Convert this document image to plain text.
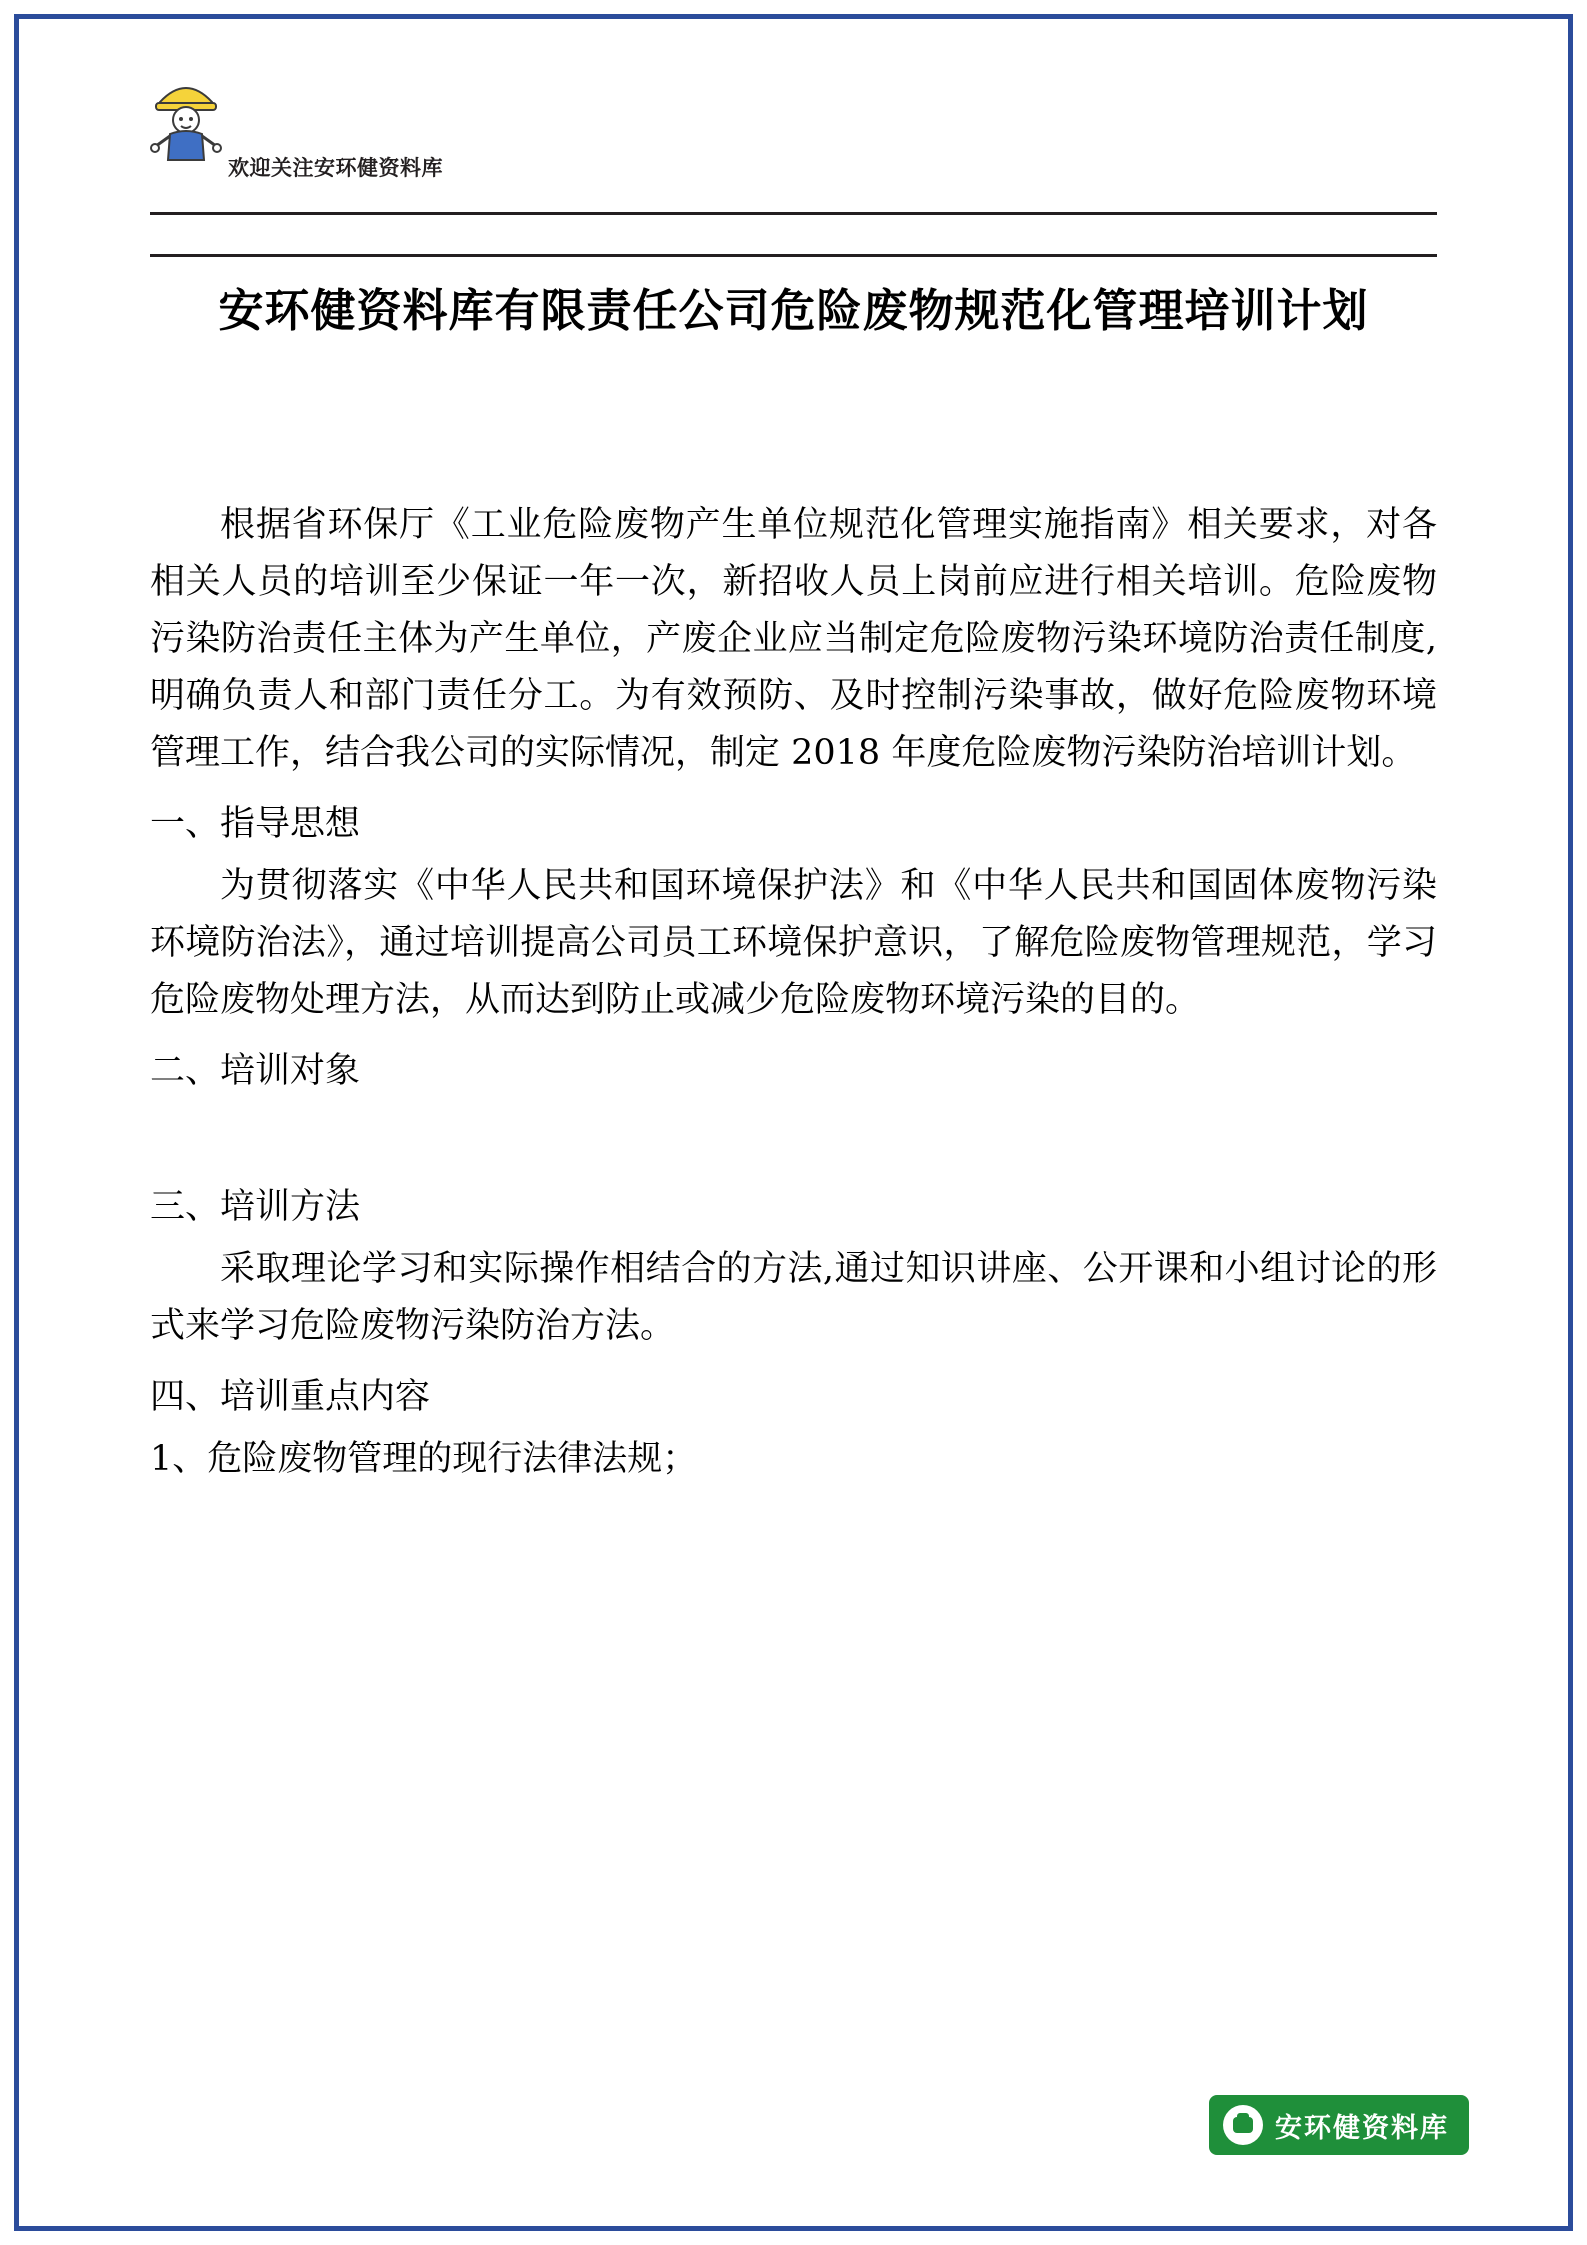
欢迎关注安环健资料库
安环健资料库有限责任公司危险废物规范化管理培训计划

根据省环保厅《工业危险废物产生单位规范化管理实施指南》相关要求，对各相关人员的培训至少保证一年一次，新招收人员上岗前应进行相关培训。危险废物污染防治责任主体为产生单位，产废企业应当制定危险废物污染环境防治责任制度,明确负责人和部门责任分工。为有效预防、及时控制污染事故，做好危险废物环境管理工作，结合我公司的实际情况，制定 2018 年度危险废物污染防治培训计划。

一、指导思想

为贯彻落实《中华人民共和国环境保护法》和《中华人民共和国固体废物污染环境防治法》，通过培训提高公司员工环境保护意识，了解危险废物管理规范，学习危险废物处理方法，从而达到防止或减少危险废物环境污染的目的。

二、培训对象
三、培训方法

采取理论学习和实际操作相结合的方法,通过知识讲座、公开课和小组讨论的形式来学习危险废物污染防治方法。

四、培训重点内容

1、危险废物管理的现行法律法规；

安环健资料库
